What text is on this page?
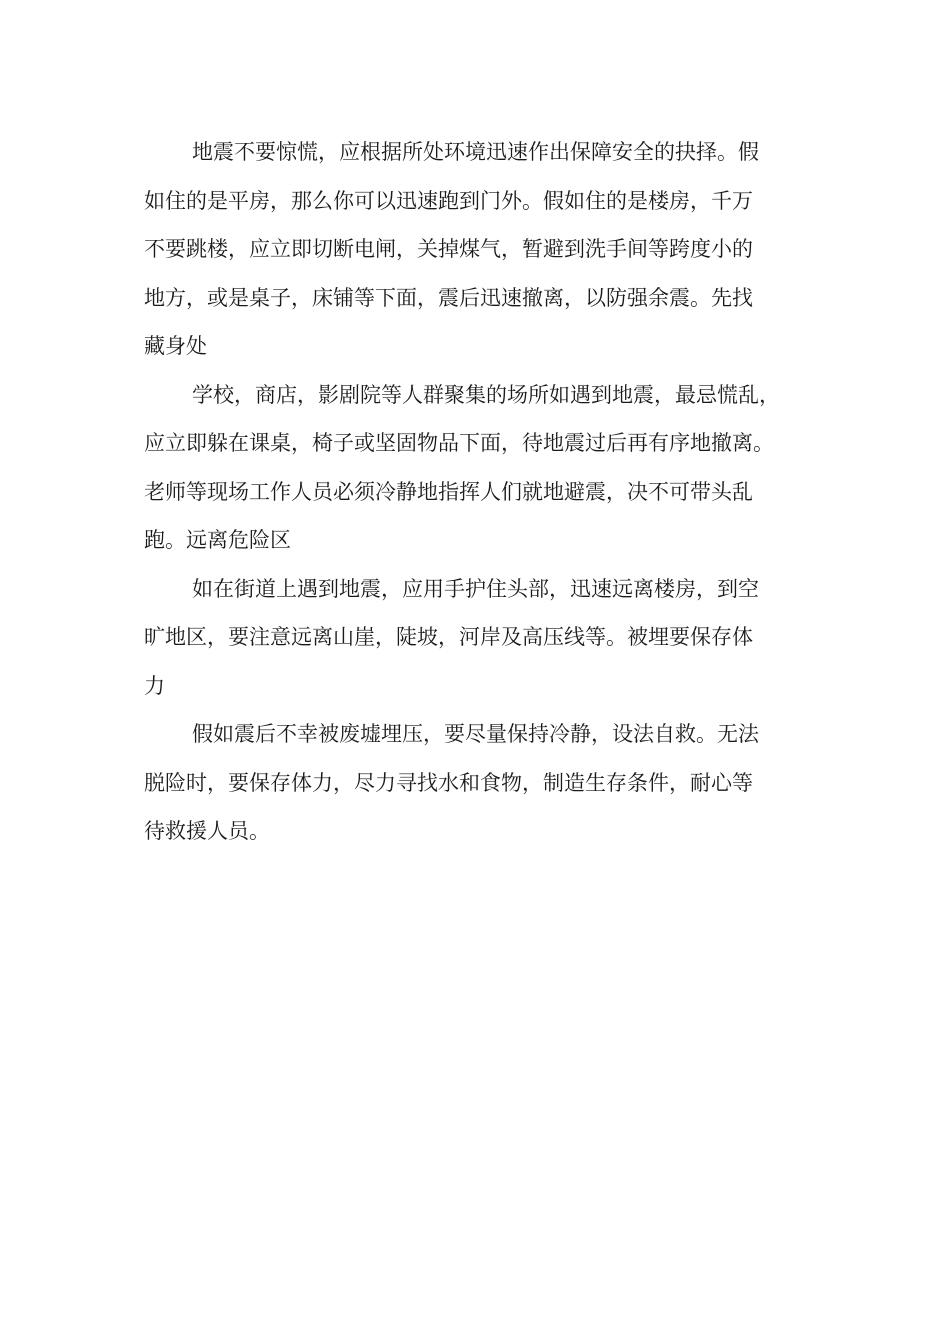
地震不要惊慌，应根据所处环境迅速作出保障安全的抉择。假
如住的是平房，那么你可以迅速跑到门外。假如住的是楼房，千万
不要跳楼，应立即切断电闸，关掉煤气，暂避到洗手间等跨度小的
地方，或是桌子，床铺等下面，震后迅速撤离，以防强余震。先找
藏身处

学校，商店，影剧院等人群聚集的场所如遇到地震，最忌慌乱，
应立即躲在课桌，椅子或坚固物品下面，待地震过后再有序地撤离。
老师等现场工作人员必须冷静地指挥人们就地避震，决不可带头乱
跑。远离危险区

如在街道上遇到地震，应用手护住头部，迅速远离楼房，到空
旷地区，要注意远离山崖，陡坡，河岸及高压线等。被埋要保存体
力

假如震后不幸被废墟埋压，要尽量保持冷静，设法自救。无法
脱险时，要保存体力，尽力寻找水和食物，制造生存条件，耐心等
待救援人员。
